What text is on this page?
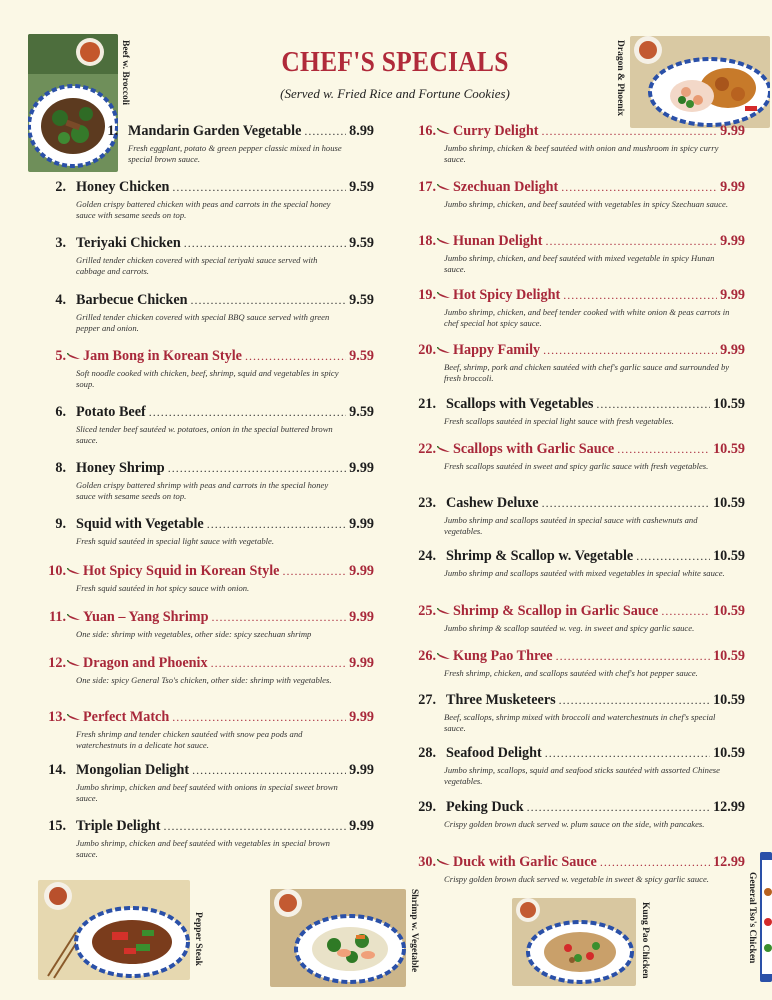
CHEF'S SPECIALS
(Served w. Fried Rice and Fortune Cookies)
Beef w. Broccoli	Dragon & Phoenix
Pepper Steak	Shrimp w. Vegetable	Kung Pao Chicken	General Tso's Chicken
1. Mandarin Garden Vegetable .....	8.99
Fresh eggplant, potato & green pepper classic mixed in house special brown sauce.
2. Honey Chicken .....	9.59
Golden crispy battered chicken with peas and carrots in the special honey sauce with sesame seeds on top.
3. Teriyaki Chicken .....	9.59
Grilled tender chicken covered with special teriyaki sauce served with cabbage and carrots.
4. Barbecue Chicken .....	9.59
Grilled tender chicken covered with special BBQ sauce served with green pepper and onion.
5. Jam Bong in Korean Style .....	9.59
Soft noodle cooked with chicken, beef, shrimp, squid and vegetables in spicy soup.
6. Potato Beef .....	9.59
Sliced tender beef sautéed w. potatoes, onion in the special buttered brown sauce.
8. Honey Shrimp .....	9.99
Golden crispy battered shrimp with peas and carrots in the special honey sauce with sesame seeds on top.
9. Squid with Vegetable .....	9.99
Fresh squid sautéed in special light sauce with vegetable.
10. Hot Spicy Squid in Korean Style .....	9.99
Fresh squid sautéed in hot spicy sauce with onion.
11. Yuan – Yang Shrimp .....	9.99
One side: shrimp with vegetables, other side: spicy szechuan shrimp
12. Dragon and Phoenix .....	9.99
One side: spicy General Tso's chicken, other side: shrimp with vegetables.
13. Perfect Match .....	9.99
Fresh shrimp and tender chicken sautéed with snow pea pods and waterchestnuts in a delicate hot sauce.
14. Mongolian Delight .....	9.99
Jumbo shrimp, chicken and beef sautéed with onions in special sweet brown sauce.
15. Triple Delight .....	9.99
Jumbo shrimp, chicken and beef sautéed with vegetables in special brown sauce.
16. Curry Delight .....	9.99
Jumbo shrimp, chicken & beef sautéed with onion and mushroom in spicy curry sauce.
17. Szechuan Delight .....	9.99
Jumbo shrimp, chicken, and beef sautéed with vegetables in spicy Szechuan sauce.
18. Hunan Delight .....	9.99
Jumbo shrimp, chicken, and beef sautéed with mixed vegetable in spicy Hunan sauce.
19. Hot Spicy Delight .....	9.99
Jumbo shrimp, chicken, and beef tender cooked with white onion & peas carrots in chef special hot spicy sauce.
20. Happy Family .....	9.99
Beef, shrimp, pork and chicken sautéed with chef's garlic sauce and surrounded by fresh broccoli.
21. Scallops with Vegetables .....	10.59
Fresh scallops sautéed in special light sauce with fresh vegetables.
22. Scallops with Garlic Sauce .....	10.59
Fresh scallops sautéed in sweet and spicy garlic sauce with fresh vegetables.
23. Cashew Deluxe .....	10.59
Jumbo shrimp and scallops sautéed in special sauce with cashewnuts and vegetables.
24. Shrimp & Scallop w. Vegetable .....	10.59
Jumbo shrimp and scallops sautéed with mixed vegetables in special white sauce.
25. Shrimp & Scallop in Garlic Sauce .....	10.59
Jumbo shrimp & scallop sautéed w. veg. in sweet and spicy garlic sauce.
26. Kung Pao Three .....	10.59
Fresh shrimp, chicken, and scallops sautéed with chef's hot pepper sauce.
27. Three Musketeers .....	10.59
Beef, scallops, shrimp mixed with broccoli and waterchestnuts in chef's special sauce.
28. Seafood Delight .....	10.59
Jumbo shrimp, scallops, squid and seafood sticks sautéed with assorted Chinese vegetables.
29. Peking Duck .....	12.99
Crispy golden brown duck served w. plum sauce on the side, with pancakes.
30. Duck with Garlic Sauce .....	12.99
Crispy golden brown duck served w. vegetable in sweet & spicy garlic sauce.
